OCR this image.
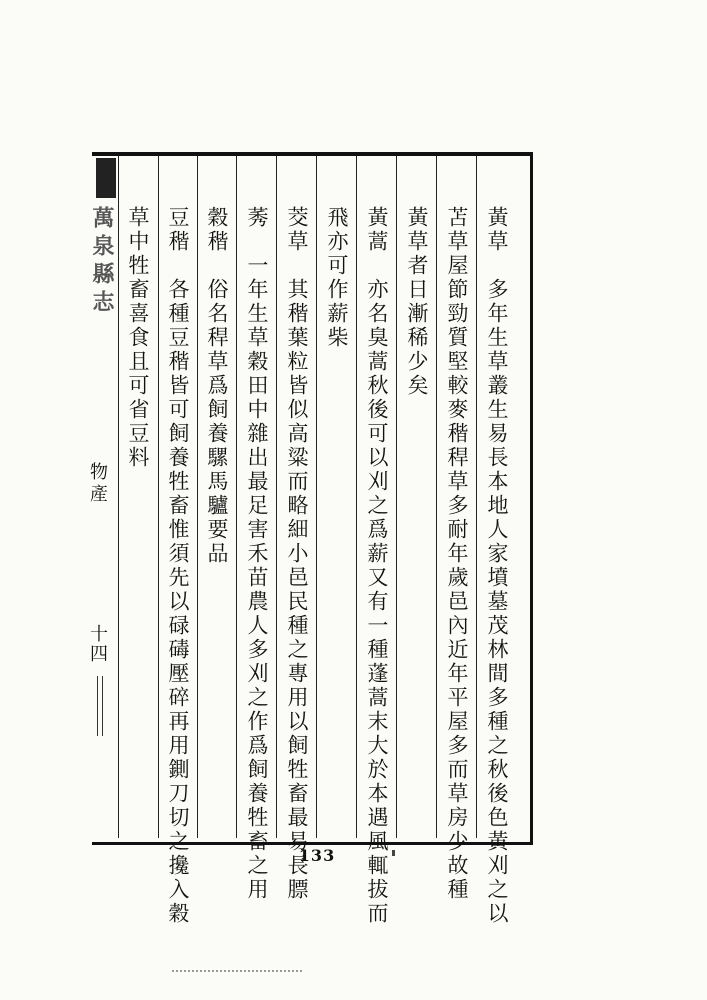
萬泉縣志
物產
十四	黃草　多年生草叢生易長本地人家墳墓茂林間多種之秋後色黃刈之以
苫草屋節勁質堅較麥稭稈草多耐年歲邑內近年平屋多而草房少故種
黃草者日漸稀少矣
黃蒿　亦名臭蒿秋後可以刈之爲薪又有一種蓬蒿末大於本遇風輒拔而
飛亦可作薪柴
茭草　其稭葉粒皆似高粱而略細小邑民種之專用以飼牲畜最易長膘
莠　一年生草穀田中雜出最足害禾苗農人多刈之作爲飼養牲畜之用
穀稭　俗名稈草爲飼養騾馬驢要品
豆稭　各種豆稭皆可飼養牲畜惟須先以碌碡壓碎再用鍘刀切之攙入穀
草中牲畜喜食且可省豆料
133
